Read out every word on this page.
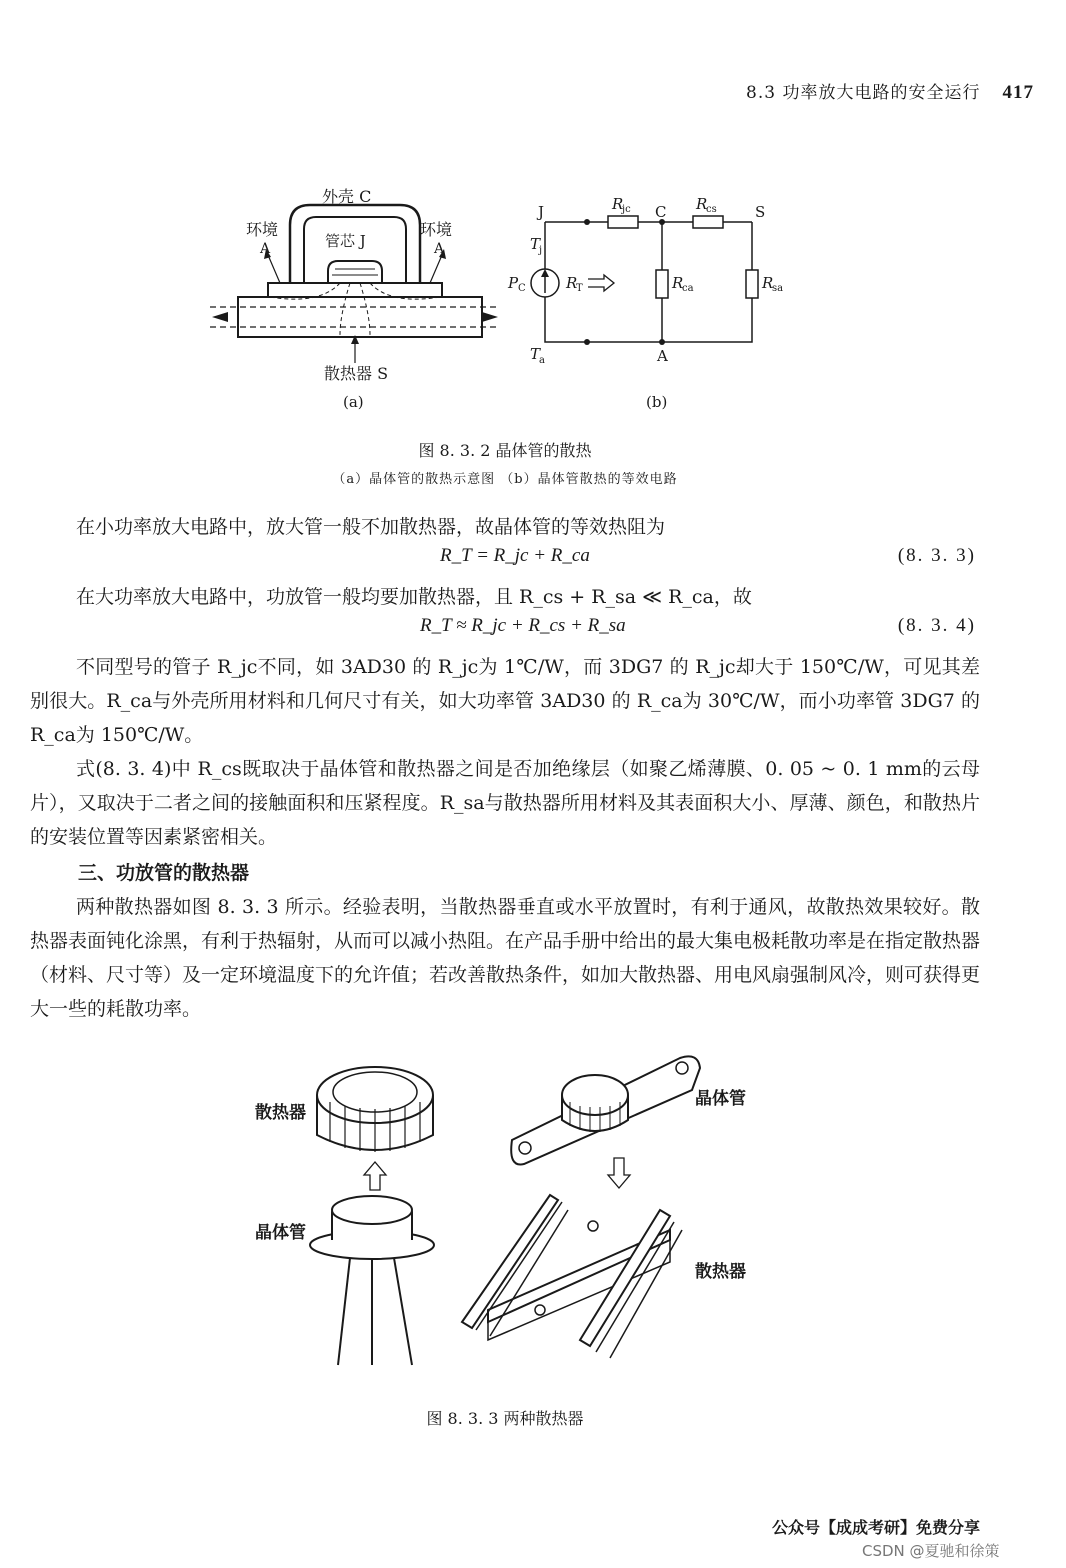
8.3 功率放大电路的安全运行 417
外壳 C
管芯 J
环境
A
环境
A
散热器 S
(a)
J	C	S
A
R
jc	R
cs
R
ca	R
sa
T
j
T
a
P C	R
T
(b)
图 8. 3. 2 晶体管的散热
（a）晶体管的散热示意图 （b）晶体管散热的等效电路
在小功率放大电路中，放大管一般不加散热器，故晶体管的等效热阻为
R_T = R_jc + R_ca	(8. 3. 3)
在大功率放大电路中，功放管一般均要加散热器，且 R_cs + R_sa ≪ R_ca，故
R_T ≈ R_jc + R_cs + R_sa	(8. 3. 4)
不同型号的管子 R_jc不同，如 3AD30 的 R_jc为 1℃/W，而 3DG7 的 R_jc却大于 150℃/W，可见其差别很大。R_ca与外壳所用材料和几何尺寸有关，如大功率管 3AD30 的 R_ca为 30℃/W，而小功率管 3DG7 的 R_ca为 150℃/W。
式(8. 3. 4)中 R_cs既取决于晶体管和散热器之间是否加绝缘层（如聚乙烯薄膜、0. 05 ~ 0. 1 mm的云母片），又取决于二者之间的接触面积和压紧程度。R_sa与散热器所用材料及其表面积大小、厚薄、颜色，和散热片的安装位置等因素紧密相关。
三、功放管的散热器
两种散热器如图 8. 3. 3 所示。经验表明，当散热器垂直或水平放置时，有利于通风，故散热效果较好。散热器表面钝化涂黑，有利于热辐射，从而可以减小热阻。在产品手册中给出的最大集电极耗散功率是在指定散热器（材料、尺寸等）及一定环境温度下的允许值；若改善散热条件，如加大散热器、用电风扇强制风冷，则可获得更大一些的耗散功率。
散热器
晶体管
晶体管
散热器
图 8. 3. 3 两种散热器
公众号【成成考研】免费分享
CSDN @夏驰和徐策
